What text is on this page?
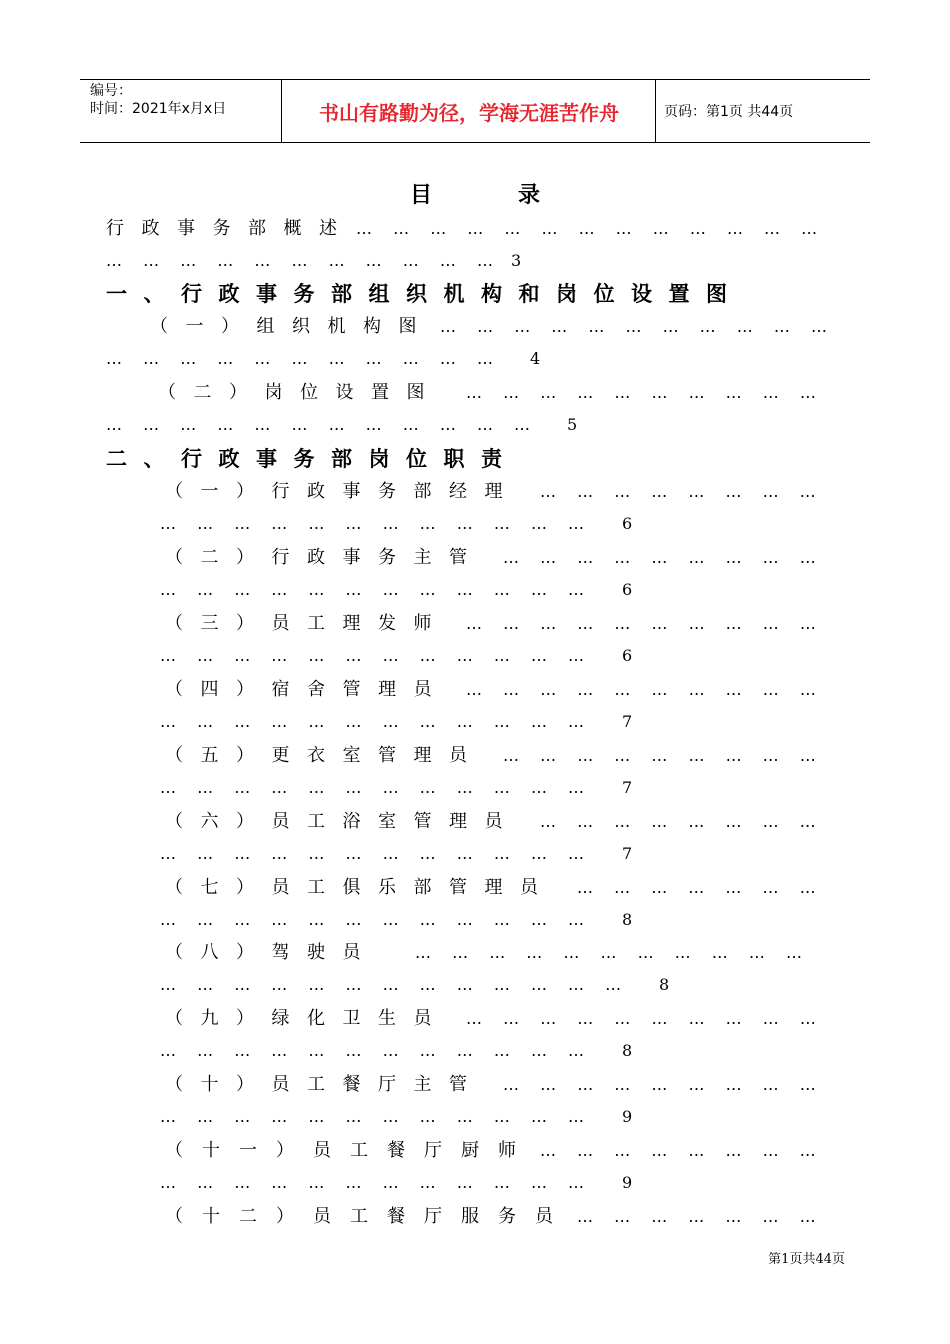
编号：
时间：2021年x月x日	书山有路勤为径，学海无涯苦作舟	页码：第1页 共44页
目录
行政事务部概述 … … … … … … … … … … … … …
… … … … … … … … … … …	3
一、行政事务部组织机构和岗位设置图
（一）组织机构图 … … … … … … … … … … …
… … … … … … … … … … …	4
（二）岗位设置图 … … … … … … … … … …
… … … … … … … … … … … …	5
二、行政事务部岗位职责
（一）行政事务部经理 … … … … … … … …
… … … … … … … … … … … …	6
（二）行政事务主管 … … … … … … … … …
… … … … … … … … … … … …	6
（三）员工理发师 … … … … … … … … … …
… … … … … … … … … … … …	6
（四）宿舍管理员 … … … … … … … … … …
… … … … … … … … … … … …	7
（五）更衣室管理员 … … … … … … … … …
… … … … … … … … … … … …	7
（六）员工浴室管理员 … … … … … … … …
… … … … … … … … … … … …	7
（七）员工俱乐部管理员 … … … … … … …
… … … … … … … … … … … …	8
（八）驾驶员 … … … … … … … … … … …
… … … … … … … … … … … … …	8
（九）绿化卫生员 … … … … … … … … … …
… … … … … … … … … … … …	8
（十）员工餐厅主管 … … … … … … … … …
… … … … … … … … … … … …	9
（十一）员工餐厅厨师 … … … … … … … …
… … … … … … … … … … … …	9
（十二）员工餐厅服务员 … … … … … … …
第1页共44页
